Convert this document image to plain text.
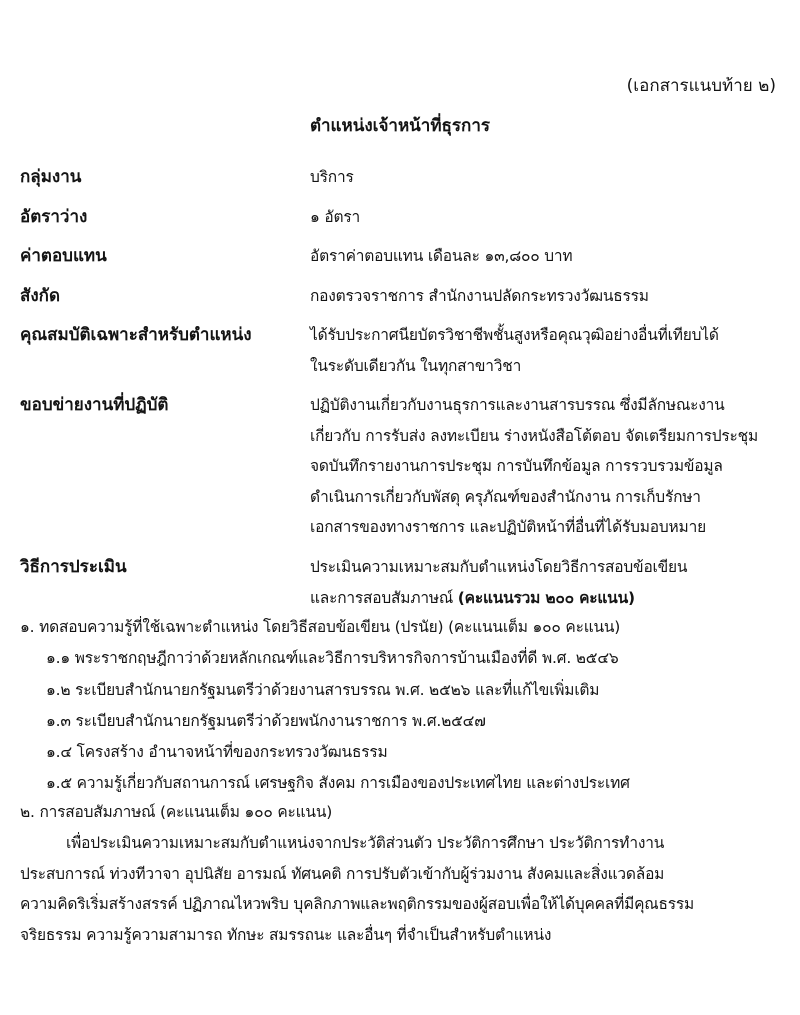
(เอกสารแนบท้าย ๒)
ตำแหน่งเจ้าหน้าที่ธุรการ
กลุ่มงาน	บริการ
อัตราว่าง	๑ อัตรา
ค่าตอบแทน	อัตราค่าตอบแทน เดือนละ ๑๓,๘๐๐ บาท
สังกัด	กองตรวจราชการ สำนักงานปลัดกระทรวงวัฒนธรรม
คุณสมบัติเฉพาะสำหรับตำแหน่ง	ได้รับประกาศนียบัตรวิชาชีพชั้นสูงหรือคุณวุฒิอย่างอื่นที่เทียบได้
ในระดับเดียวกัน ในทุกสาขาวิชา
ขอบข่ายงานที่ปฏิบัติ	ปฏิบัติงานเกี่ยวกับงานธุรการและงานสารบรรณ ซึ่งมีลักษณะงาน
เกี่ยวกับ การรับส่ง ลงทะเบียน ร่างหนังสือโต้ตอบ จัดเตรียมการประชุม
จดบันทึกรายงานการประชุม การบันทึกข้อมูล การรวบรวมข้อมูล
ดำเนินการเกี่ยวกับพัสดุ ครุภัณฑ์ของสำนักงาน การเก็บรักษา
เอกสารของทางราชการ และปฏิบัติหน้าที่อื่นที่ได้รับมอบหมาย
วิธีการประเมิน	ประเมินความเหมาะสมกับตำแหน่งโดยวิธีการสอบข้อเขียน
และการสอบสัมภาษณ์ (คะแนนรวม ๒๐๐ คะแนน)
๑. ทดสอบความรู้ที่ใช้เฉพาะตำแหน่ง โดยวิธีสอบข้อเขียน (ปรนัย) (คะแนนเต็ม ๑๐๐ คะแนน)
๑.๑ พระราชกฤษฎีกาว่าด้วยหลักเกณฑ์และวิธีการบริหารกิจการบ้านเมืองที่ดี พ.ศ. ๒๕๔๖
๑.๒ ระเบียบสำนักนายกรัฐมนตรีว่าด้วยงานสารบรรณ พ.ศ. ๒๕๒๖ และที่แก้ไขเพิ่มเติม
๑.๓ ระเบียบสำนักนายกรัฐมนตรีว่าด้วยพนักงานราชการ พ.ศ.๒๕๔๗
๑.๔ โครงสร้าง อำนาจหน้าที่ของกระทรวงวัฒนธรรม
๑.๕ ความรู้เกี่ยวกับสถานการณ์ เศรษฐกิจ สังคม การเมืองของประเทศไทย และต่างประเทศ
๒. การสอบสัมภาษณ์ (คะแนนเต็ม ๑๐๐ คะแนน)
เพื่อประเมินความเหมาะสมกับตำแหน่งจากประวัติส่วนตัว ประวัติการศึกษา ประวัติการทำงาน
ประสบการณ์ ท่วงทีวาจา อุปนิสัย อารมณ์ ทัศนคติ การปรับตัวเข้ากับผู้ร่วมงาน สังคมและสิ่งแวดล้อม
ความคิดริเริ่มสร้างสรรค์ ปฏิภาณไหวพริบ บุคลิกภาพและพฤติกรรมของผู้สอบเพื่อให้ได้บุคคลที่มีคุณธรรม
จริยธรรม ความรู้ความสามารถ ทักษะ สมรรถนะ และอื่นๆ ที่จำเป็นสำหรับตำแหน่ง
